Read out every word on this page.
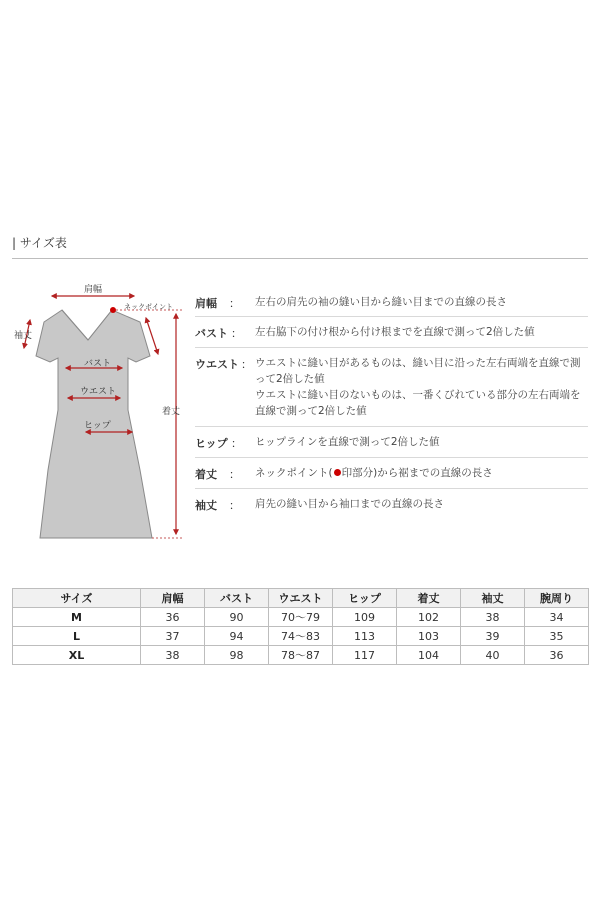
| サイズ表
肩幅
ネックポイント
袖丈
バスト
ウエスト
ヒップ
着丈
肩幅 ： 左右の肩先の袖の縫い目から縫い目までの直線の長さ
バスト ： 左右脇下の付け根から付け根までを直線で測って2倍した値
ウエスト ： ウエストに縫い目があるものは、縫い目に沿った左右両端を直線で測って2倍した値
ウエストに縫い目のないものは、一番くびれている部分の左右両端を直線で測って2倍した値
ヒップ ： ヒップラインを直線で測って2倍した値
着丈 ： ネックポイント( 印部分)から裾までの直線の長さ
袖丈 ： 肩先の縫い目から袖口までの直線の長さ
サイズ	肩幅	バスト	ウエスト	ヒップ	着丈	袖丈	腕周り
M	36	90	70〜79	109	102	38	34
L	37	94	74〜83	113	103	39	35
XL	38	98	78〜87	117	104	40	36
